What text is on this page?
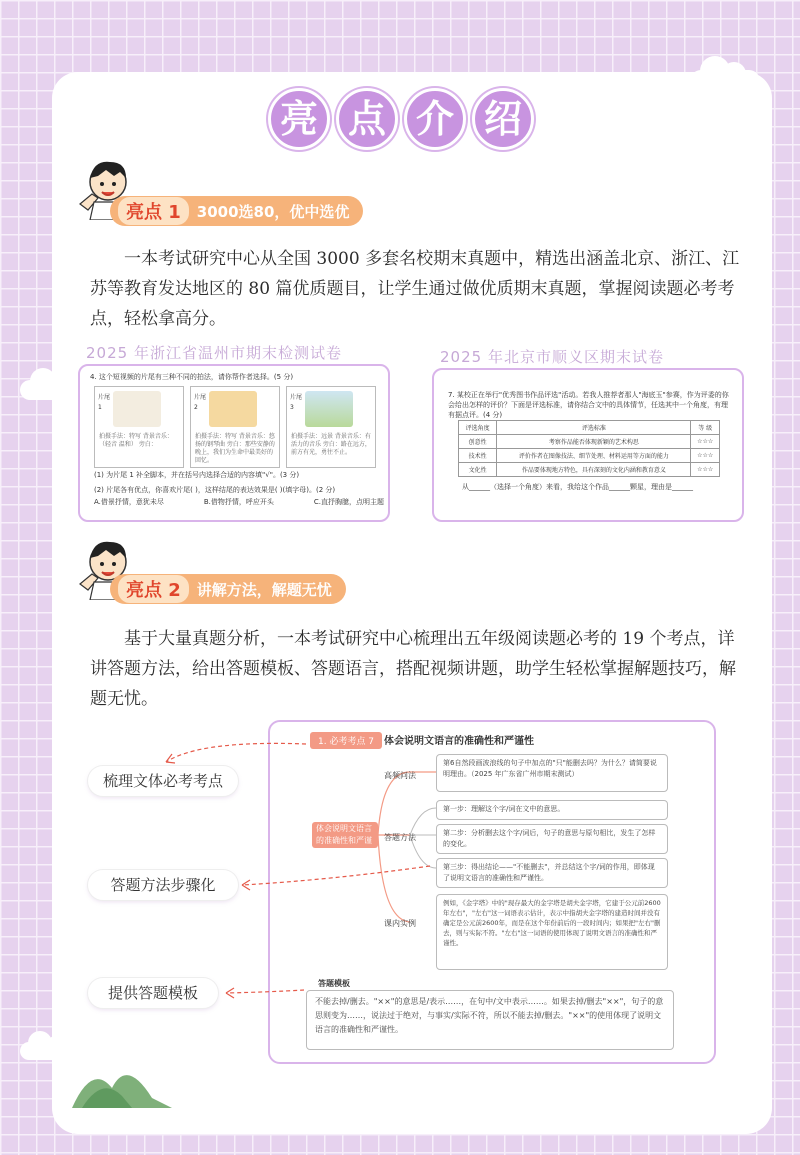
亮 点 介 绍
亮点 1	3000选80，优中选优

一本考试研究中心从全国 3000 多套名校期末真题中，精选出涵盖北京、浙江、江苏等教育发达地区的 80 篇优质题目，让学生通过做优质期末真题，掌握阅读题必考考点，轻松拿高分。

2025 年浙江省温州市期末检测试卷	2025 年北京市顺义区期末试卷
4. 这个短视频的片尾有三种不同的拍法，请你帮作者选择。(5 分)
片尾 1
拍摄手法：特写 背景音乐：（轻音 温和） 旁白：
片尾 2
拍摄手法：特写 背景音乐：悠扬的钢琴曲 旁白：那些安静的晚上，我们为生命中最美好的回忆。
片尾 3
拍摄手法：远景 背景音乐：有活力的音乐 旁白：路在远方，前方有光，勇往不止。
(1) 为片尾 1 补全脚本，并在括号内选择合适的内容填"√"。(3 分)
(2) 片尾各有优点，你喜欢片尾( )，这样结尾的表达效果是( )(填字母)。(2 分)
A.借景抒情，意犹未尽	B.借物抒情，呼应开头	C.直抒胸臆，点明主题
7. 某校正在举行"优秀图书作品评选"活动。若我人推荐者那人"海底玉"参赛，作为评委的你会给出怎样的评价？下面是评选标准，请你结合文中的具体情节，任选其中一个角度，有理有据点评。(4 分)
评选角度	评选标准	等 级
创意性	考察作品能否体现新颖的艺术构思	☆☆☆
技术性	评价作者在图像技法、细节处理、材料运用等方面的能力	☆☆☆
文化性	作品要体现地方特色，具有深刻的文化内涵和教育意义	☆☆☆
从______（选择一个角度）来看，我给这个作品______颗星，理由是______
亮点 2	讲解方法，解题无忧

基于大量真题分析，一本考试研究中心梳理出五年级阅读题必考的 19 个考点，详讲答题方法，给出答题模板、答题语言，搭配视频讲题，助学生轻松掌握解题技巧，解题无忧。

1. 必考考点 7 体会说明文语言的准确性和严谨性
体会说明文语言的准确性和严谨性
高频问法
第6自然段画波浪线的句子中加点的"只"能删去吗？为什么？请简要说明理由。（2025 年广东省广州市期末测试）
答题方法
第一步：理解这个字/词在文中的意思。
第二步：分析删去这个字/词后，句子的意思与原句相比，发生了怎样的变化。
第三步：得出结论——"不能删去"，并总结这个字/词的作用，即体现了说明文语言的准确性和严谨性。
课内实例
例如，《金字塔》中的"现存最大的金字塔是胡夫金字塔，它建于公元前2600年左右"，"左右"这一词语表示估计，表示中指胡夫金字塔的建造时间并没有确定是公元前2600年，而是在这个年份前后的一段时间内；如果把"左右"删去，则与实际不符。"左右"这一词语的使用体现了说明文语言的准确性和严谨性。
答题模板
不能去掉/删去。"××"的意思是/表示……，在句中/文中表示……。如果去掉/删去"××"，句子的意思则变为……，说法过于绝对，与事实/实际不符，所以不能去掉/删去。"××"的使用体现了说明文语言的准确性和严谨性。
梳理文体必考考点
答题方法步骤化
提供答题模板
